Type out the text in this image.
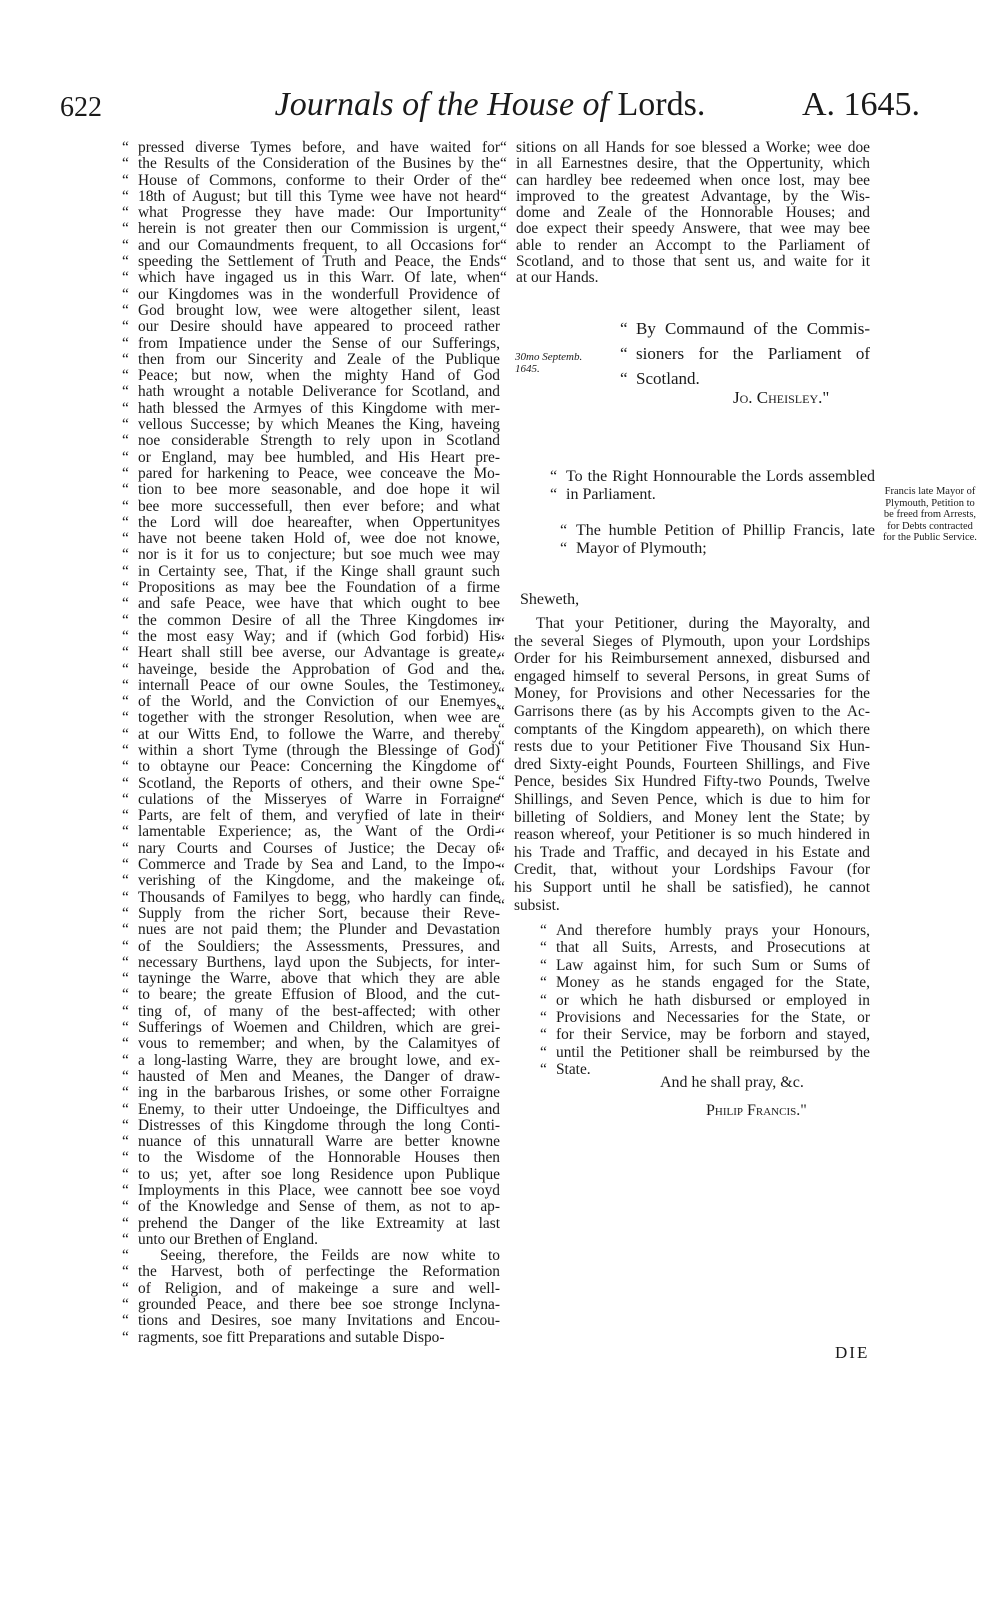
622	Journals of the House of Lords.	A. 1645.
“ pressed diverse Tymes before, and have waited for
“ the Results of the Consideration of the Busines by the
“ House of Commons, conforme to their Order of the
“ 18th of August; but till this Tyme wee have not heard
“ what Progresse they have made: Our Importunity
“ herein is not greater then our Commission is urgent,
“ and our Comaundments frequent, to all Occasions for
“ speeding the Settlement of Truth and Peace, the Ends
“ which have ingaged us in this Warr. Of late, when
“ our Kingdomes was in the wonderfull Providence of
“ God brought low, wee were altogether silent, least
“ our Desire should have appeared to proceed rather
“ from Impatience under the Sense of our Sufferings,
“ then from our Sincerity and Zeale of the Publique
“ Peace; but now, when the mighty Hand of God
“ hath wrought a notable Deliverance for Scotland, and
“ hath blessed the Armyes of this Kingdome with mer-
“ vellous Successe; by which Meanes the King, haveing
“ noe considerable Strength to rely upon in Scotland
“ or England, may bee humbled, and His Heart pre-
“ pared for harkening to Peace, wee conceave the Mo-
“ tion to bee more seasonable, and doe hope it wil
“ bee more successefull, then ever before; and what
“ the Lord will doe heareafter, when Oppertunityes
“ have not beene taken Hold of, wee doe not knowe,
“ nor is it for us to conjecture; but soe much wee may
“ in Certainty see, That, if the Kinge shall graunt such
“ Propositions as may bee the Foundation of a firme
“ and safe Peace, wee have that which ought to bee
“ the common Desire of all the Three Kingdomes in
“ the most easy Way; and if (which God forbid) His
“ Heart shall still bee averse, our Advantage is greate,
“ haveinge, beside the Approbation of God and the
“ internall Peace of our owne Soules, the Testimoney
“ of the World, and the Conviction of our Enemyes,
“ together with the stronger Resolution, when wee are
“ at our Witts End, to followe the Warre, and thereby
“ within a short Tyme (through the Blessinge of God)
“ to obtayne our Peace: Concerning the Kingdome of
“ Scotland, the Reports of others, and their owne Spe-
“ culations of the Misseryes of Warre in Forraigne
“ Parts, are felt of them, and veryfied of late in their
“ lamentable Experience; as, the Want of the Ordi-
“ nary Courts and Courses of Justice; the Decay of
“ Commerce and Trade by Sea and Land, to the Impo-
“ verishing of the Kingdome, and the makeinge of
“ Thousands of Familyes to begg, who hardly can finde
“ Supply from the richer Sort, because their Reve-
“ nues are not paid them; the Plunder and Devastation
“ of the Souldiers; the Assessments, Pressures, and
“ necessary Burthens, layd upon the Subjects, for inter-
“ tayninge the Warre, above that which they are able
“ to beare; the greate Effusion of Blood, and the cut-
“ ting of, of many of the best-affected; with other
“ Sufferings of Woemen and Children, which are grei-
“ vous to remember; and when, by the Calamityes of
“ a long-lasting Warre, they are brought lowe, and ex-
“ hausted of Men and Meanes, the Danger of draw-
“ ing in the barbarous Irishes, or some other Forraigne
“ Enemy, to their utter Undoeinge, the Difficultyes and
“ Distresses of this Kingdome through the long Conti-
“ nuance of this unnaturall Warre are better knowne
“ to the Wisdome of the Honnorable Houses then
“ to us; yet, after soe long Residence upon Publique
“ Imployments in this Place, wee cannott bee soe voyd
“ of the Knowledge and Sense of them, as not to ap-
“ prehend the Danger of the like Extreamity at last
“ unto our Brethen of England.
“ Seeing, therefore, the Feilds are now white to
“ the Harvest, both of perfectinge the Reformation
“ of Religion, and of makeinge a sure and well-
“ grounded Peace, and there bee soe stronge Inclyna-
“ tions and Desires, soe many Invitations and Encou-
“ ragments, soe fitt Preparations and sutable Dispo-
“ sitions on all Hands for soe blessed a Worke; wee doe
“ in all Earnestnes desire, that the Oppertunity, which
“ can hardley bee redeemed when once lost, may bee
“ improved to the greatest Advantage, by the Wis-
“ dome and Zeale of the Honnorable Houses; and
“ doe expect their speedy Answere, that wee may bee
“ able to render an Accompt to the Parliament of
“ Scotland, and to those that sent us, and waite for it
“ at our Hands.
30mo Septemb.
1645.
“ By Commaund of the Commis-
“ sioners for the Parliament of
“ Scotland.
Jo. Cheisley."
“ To the Right Honnourable the Lords assembled
“ in Parliament.
“ The humble Petition of Phillip Francis, late
“ Mayor of Plymouth;
Francis late Mayor of Plymouth, Petition to be freed from Arrests, for Debts contracted for the Public Service.
Sheweth,
“ That your Petitioner, during the Mayoralty, and
“ the several Sieges of Plymouth, upon your Lordships
“ Order for his Reimbursement annexed, disbursed and
“ engaged himself to several Persons, in great Sums of
“ Money, for Provisions and other Necessaries for the
“ Garrisons there (as by his Accompts given to the Ac-
“ comptants of the Kingdom appeareth), on which there
“ rests due to your Petitioner Five Thousand Six Hun-
“ dred Sixty-eight Pounds, Fourteen Shillings, and Five
“ Pence, besides Six Hundred Fifty-two Pounds, Twelve
“ Shillings, and Seven Pence, which is due to him for
“ billeting of Soldiers, and Money lent the State; by
“ reason whereof, your Petitioner is so much hindered in
“ his Trade and Traffic, and decayed in his Estate and
“ Credit, that, without your Lordships Favour (for
“ his Support until he shall be satisfied), he cannot
“ subsist.
“ And therefore humbly prays your Honours,
“ that all Suits, Arrests, and Prosecutions at
“ Law against him, for such Sum or Sums of
“ Money as he stands engaged for the State,
“ or which he hath disbursed or employed in
“ Provisions and Necessaries for the State, or
“ for their Service, may be forborn and stayed,
“ until the Petitioner shall be reimbursed by the
“ State.
And he shall pray, &c.
Philip Francis."
DIE
